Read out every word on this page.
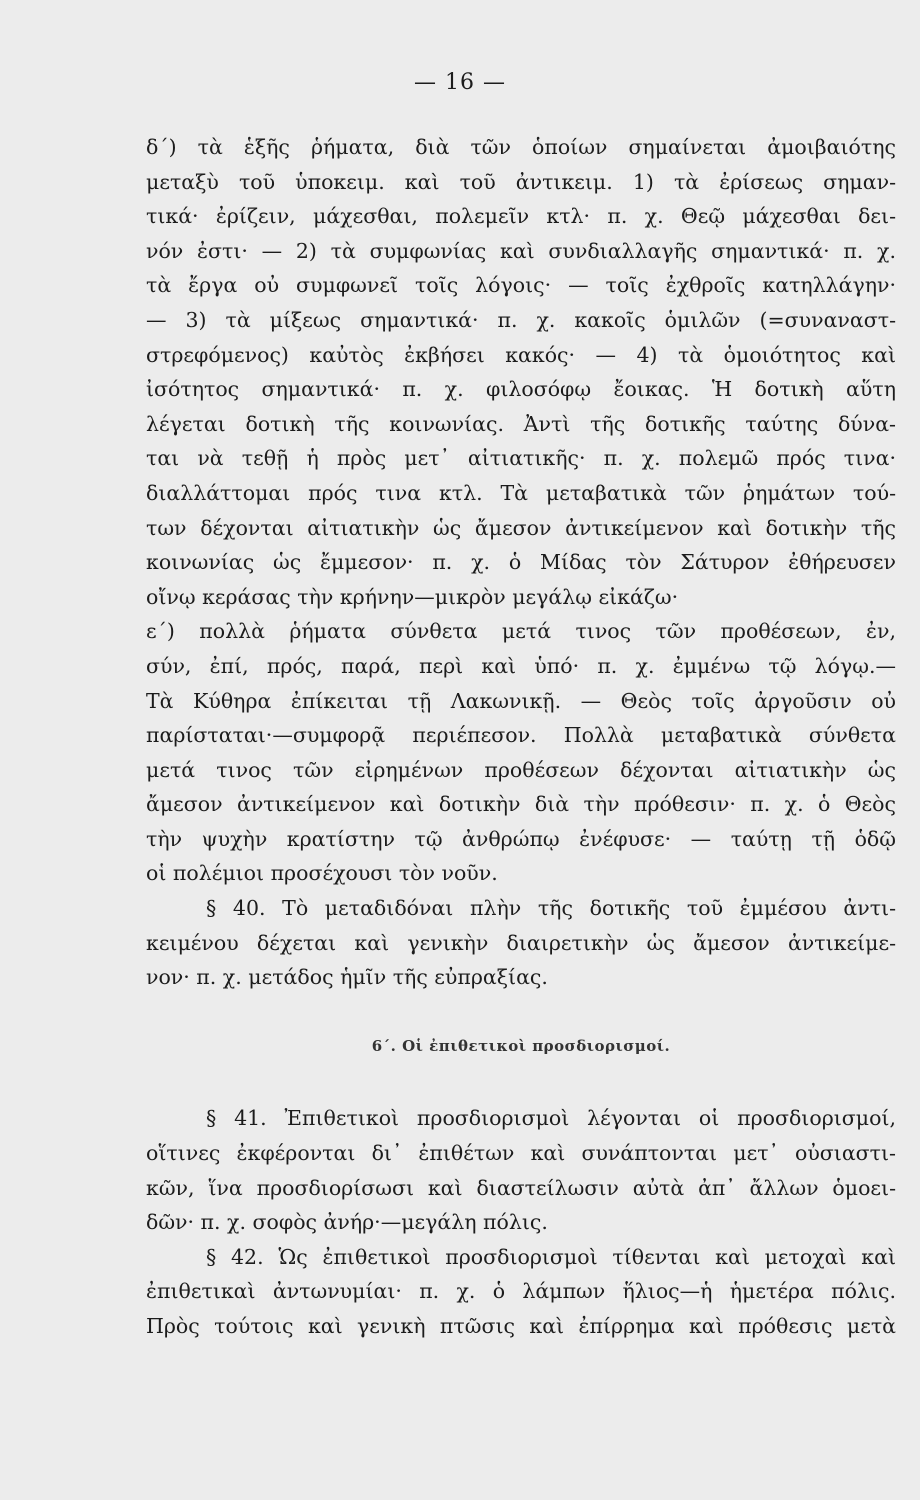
— 16 —
δ΄) τὰ ἑξῆς ῥήματα, διὰ τῶν ὁποίων σημαίνεται ἀμοιβαιότης
μεταξὺ τοῦ ὑποκειμ. καὶ τοῦ ἀντικειμ. 1) τὰ ἐρίσεως σημαν-
τικά· ἐρίζειν, μάχεσθαι, πολεμεῖν κτλ· π. χ. Θεῷ μάχεσθαι δει-
νόν ἐστι· — 2) τὰ συμφωνίας καὶ συνδιαλλαγῆς σημαντικά· π. χ.
τὰ ἔργα οὐ συμφωνεῖ τοῖς λόγοις· — τοῖς ἐχθροῖς κατηλλάγην·
— 3) τὰ μίξεως σημαντικά· π. χ. κακοῖς ὁμιλῶν (=συναναστ-
στρεφόμενος) καὐτὸς ἐκβήσει κακός· — 4) τὰ ὁμοιότητος καὶ
ἰσότητος σημαντικά· π. χ. φιλοσόφῳ ἔοικας. Ἡ δοτικὴ αὕτη
λέγεται δοτικὴ τῆς κοινωνίας. Ἀντὶ τῆς δοτικῆς ταύτης δύνα-
ται νὰ τεθῇ ἡ πρὸς μετ᾽ αἰτιατικῆς· π. χ. πολεμῶ πρός τινα·
διαλλάττομαι πρός τινα κτλ. Τὰ μεταβατικὰ τῶν ῥημάτων τού-
των δέχονται αἰτιατικὴν ὡς ἄμεσον ἀντικείμενον καὶ δοτικὴν τῆς
κοινωνίας ὡς ἔμμεσον· π. χ. ὁ Μίδας τὸν Σάτυρον ἐθήρευσεν
οἴνῳ κεράσας τὴν κρήνην—μικρὸν μεγάλῳ εἰκάζω·
ε΄) πολλὰ ῥήματα σύνθετα μετά τινος τῶν προθέσεων, ἐν,
σύν, ἐπί, πρός, παρά, περὶ καὶ ὑπό· π. χ. ἐμμένω τῷ λόγῳ.—
Τὰ Κύθηρα ἐπίκειται τῇ Λακωνικῇ. — Θεὸς τοῖς ἀργοῦσιν οὐ
παρίσταται·—συμφορᾷ περιέπεσον. Πολλὰ μεταβατικὰ σύνθετα
μετά τινος τῶν εἰρημένων προθέσεων δέχονται αἰτιατικὴν ὡς
ἄμεσον ἀντικείμενον καὶ δοτικὴν διὰ τὴν πρόθεσιν· π. χ. ὁ Θεὸς
τὴν ψυχὴν κρατίστην τῷ ἀνθρώπῳ ἐνέφυσε· — ταύτῃ τῇ ὁδῷ
οἱ πολέμιοι προσέχουσι τὸν νοῦν.
§ 40. Τὸ μεταδιδόναι πλὴν τῆς δοτικῆς τοῦ ἐμμέσου ἀντι-
κειμένου δέχεται καὶ γενικὴν διαιρετικὴν ὡς ἄμεσον ἀντικείμε-
νον· π. χ. μετάδος ἡμῖν τῆς εὐπραξίας.
6΄. Οἱ ἐπιθετικοὶ προσδιορισμοί.
§ 41. Ἐπιθετικοὶ προσδιορισμοὶ λέγονται οἱ προσδιορισμοί,
οἵτινες ἐκφέρονται δι᾽ ἐπιθέτων καὶ συνάπτονται μετ᾽ οὐσιαστι-
κῶν, ἵνα προσδιορίσωσι καὶ διαστείλωσιν αὐτὰ ἀπ᾽ ἄλλων ὁμοει-
δῶν· π. χ. σοφὸς ἀνήρ·—μεγάλη πόλις.
§ 42. Ὡς ἐπιθετικοὶ προσδιορισμοὶ τίθενται καὶ μετοχαὶ καὶ
ἐπιθετικαὶ ἀντωνυμίαι· π. χ. ὁ λάμπων ἥλιος—ἡ ἡμετέρα πόλις.
Πρὸς τούτοις καὶ γενικὴ πτῶσις καὶ ἐπίρρημα καὶ πρόθεσις μετὰ
